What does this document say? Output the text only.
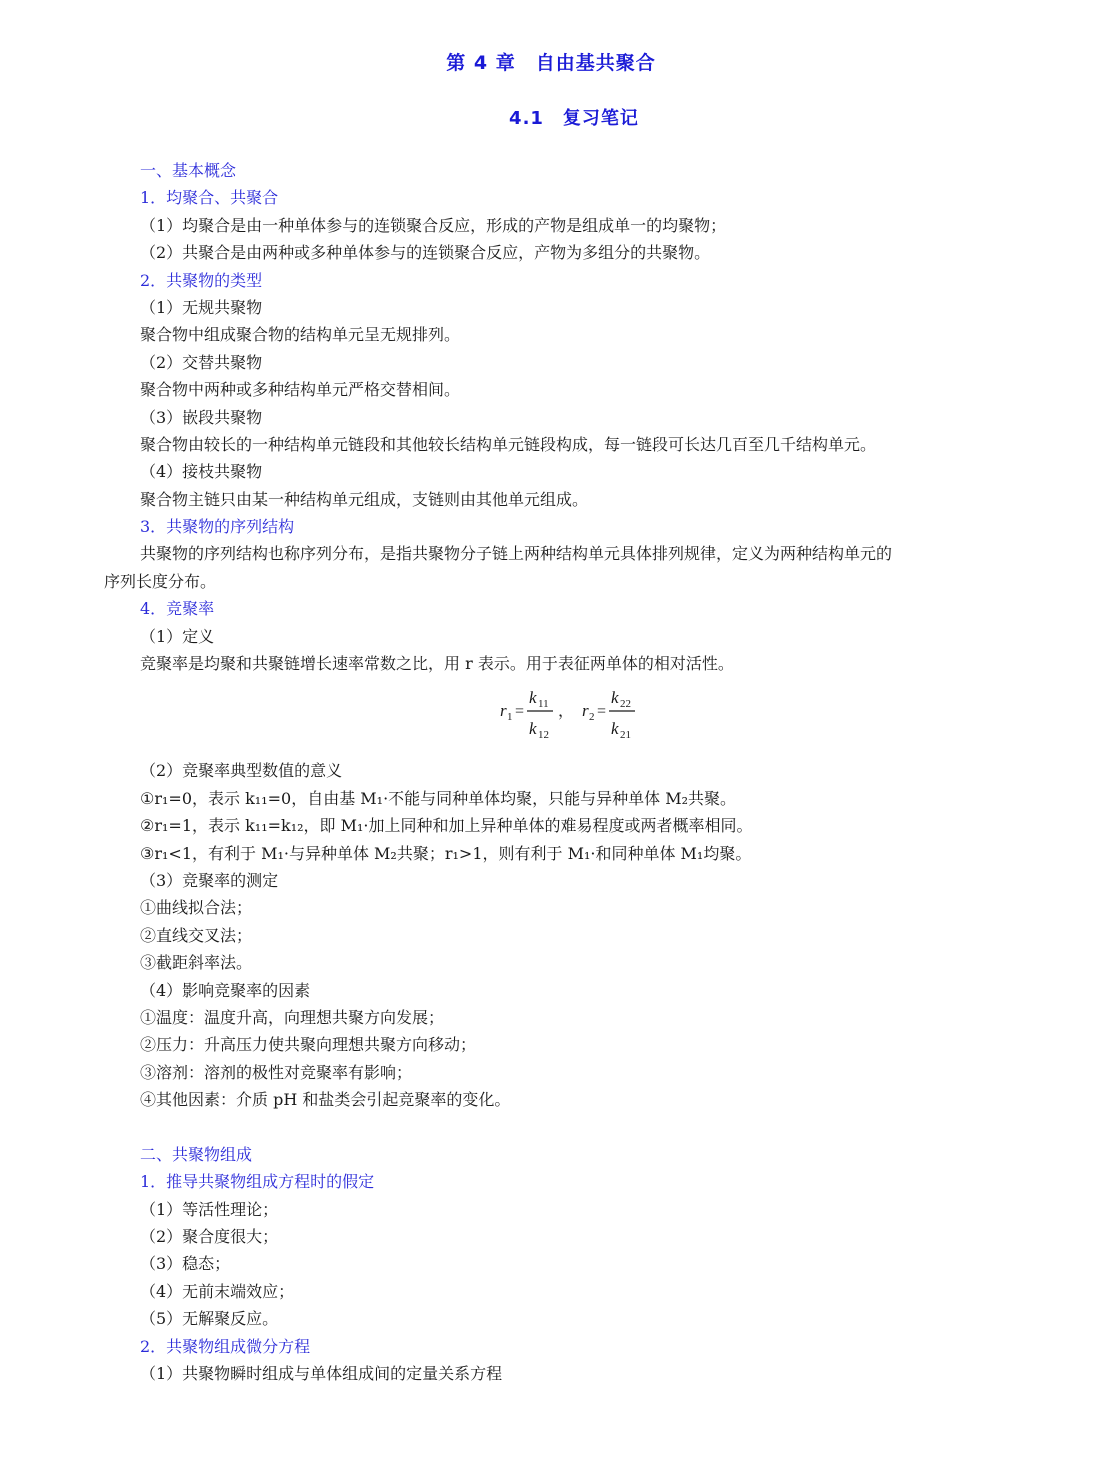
第 4 章　自由基共聚合
4.1　复习笔记
一、基本概念
1．均聚合、共聚合
（1）均聚合是由一种单体参与的连锁聚合反应，形成的产物是组成单一的均聚物；
（2）共聚合是由两种或多种单体参与的连锁聚合反应，产物为多组分的共聚物。
2．共聚物的类型
（1）无规共聚物
聚合物中组成聚合物的结构单元呈无规排列。
（2）交替共聚物
聚合物中两种或多种结构单元严格交替相间。
（3）嵌段共聚物
聚合物由较长的一种结构单元链段和其他较长结构单元链段构成，每一链段可长达几百至几千结构单元。
（4）接枝共聚物
聚合物主链只由某一种结构单元组成，支链则由其他单元组成。
3．共聚物的序列结构
共聚物的序列结构也称序列分布，是指共聚物分子链上两种结构单元具体排列规律，定义为两种结构单元的
序列长度分布。
4．竞聚率
（1）定义
竞聚率是均聚和共聚链增长速率常数之比，用 r 表示。用于表征两单体的相对活性。
r 1 =
k 11
k 12
， r 2 =
k 22
k 21
（2）竞聚率典型数值的意义
①r₁=0，表示 k₁₁=0，自由基 M₁·不能与同种单体均聚，只能与异种单体 M₂共聚。
②r₁=1，表示 k₁₁=k₁₂，即 M₁·加上同种和加上异种单体的难易程度或两者概率相同。
③r₁<1，有利于 M₁·与异种单体 M₂共聚；r₁>1，则有利于 M₁·和同种单体 M₁均聚。
（3）竞聚率的测定
①曲线拟合法；
②直线交叉法；
③截距斜率法。
（4）影响竞聚率的因素
①温度：温度升高，向理想共聚方向发展；
②压力：升高压力使共聚向理想共聚方向移动；
③溶剂：溶剂的极性对竞聚率有影响；
④其他因素：介质 pH 和盐类会引起竞聚率的变化。
二、共聚物组成
1．推导共聚物组成方程时的假定
（1）等活性理论；
（2）聚合度很大；
（3）稳态；
（4）无前末端效应；
（5）无解聚反应。
2．共聚物组成微分方程
（1）共聚物瞬时组成与单体组成间的定量关系方程
